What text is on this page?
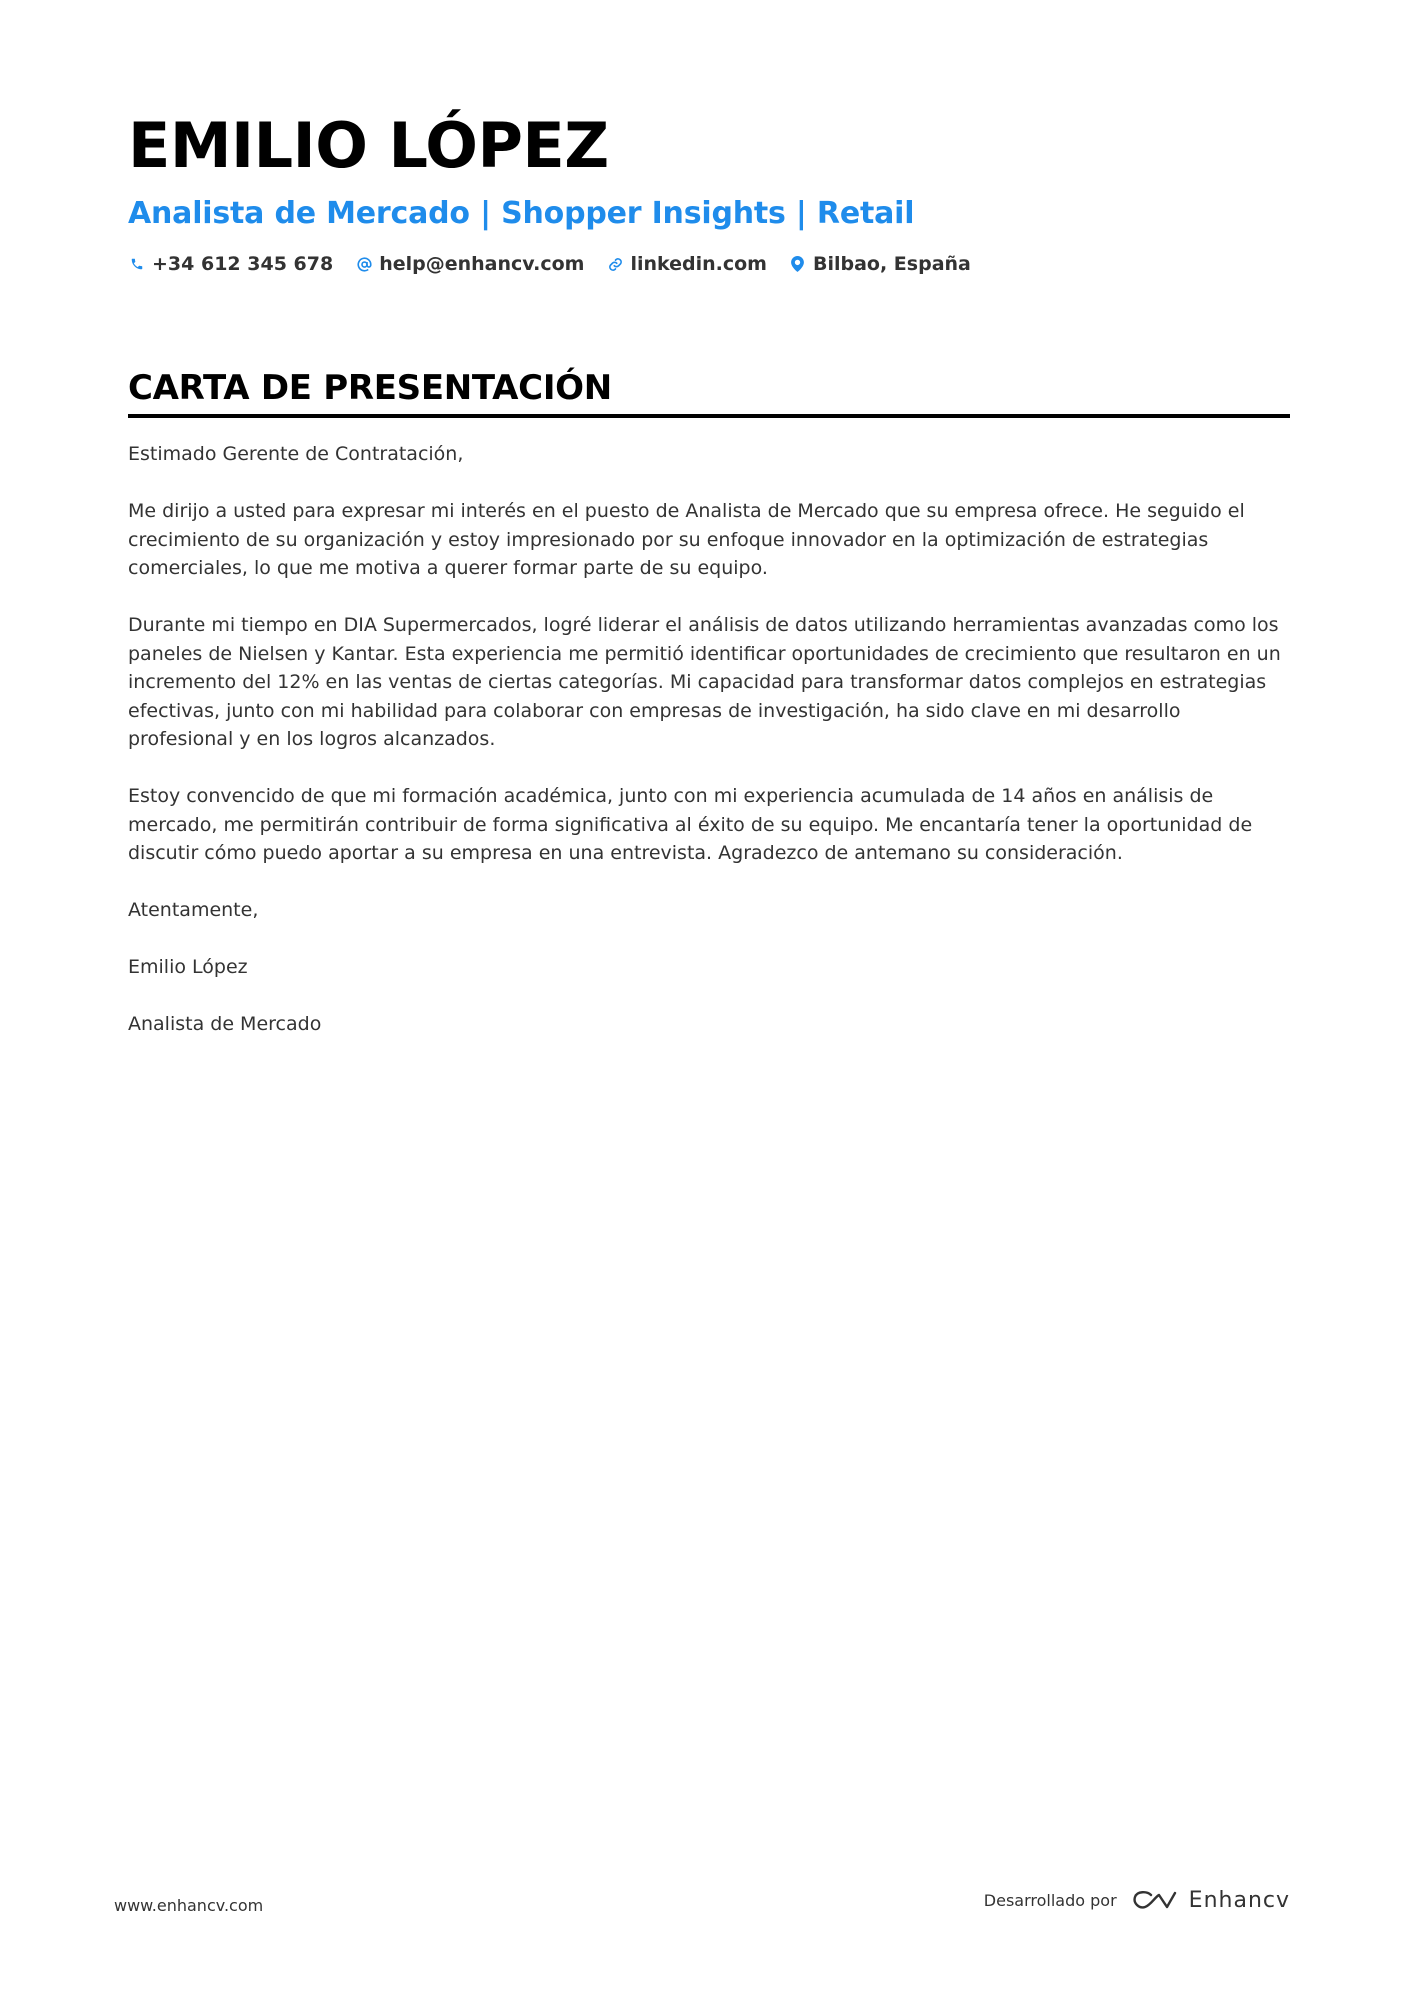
EMILIO LÓPEZ
Analista de Mercado | Shopper Insights | Retail
+34 612 345 678 help@enhancv.com linkedin.com Bilbao, España
CARTA DE PRESENTACIÓN

Estimado Gerente de Contratación,

Me dirijo a usted para expresar mi interés en el puesto de Analista de Mercado que su empresa ofrece. He seguido el crecimiento de su organización y estoy impresionado por su enfoque innovador en la optimización de estrategias comerciales, lo que me motiva a querer formar parte de su equipo.

Durante mi tiempo en DIA Supermercados, logré liderar el análisis de datos utilizando herramientas avanzadas como los paneles de Nielsen y Kantar. Esta experiencia me permitió identificar oportunidades de crecimiento que resultaron en un incremento del 12% en las ventas de ciertas categorías. Mi capacidad para transformar datos complejos en estrategias efectivas, junto con mi habilidad para colaborar con empresas de investigación, ha sido clave en mi desarrollo profesional y en los logros alcanzados.

Estoy convencido de que mi formación académica, junto con mi experiencia acumulada de 14 años en análisis de mercado, me permitirán contribuir de forma significativa al éxito de su equipo. Me encantaría tener la oportunidad de discutir cómo puedo aportar a su empresa en una entrevista. Agradezco de antemano su consideración.

Atentamente,

Emilio López

Analista de Mercado

www.enhancv.com	Desarrollado por	Enhancv
